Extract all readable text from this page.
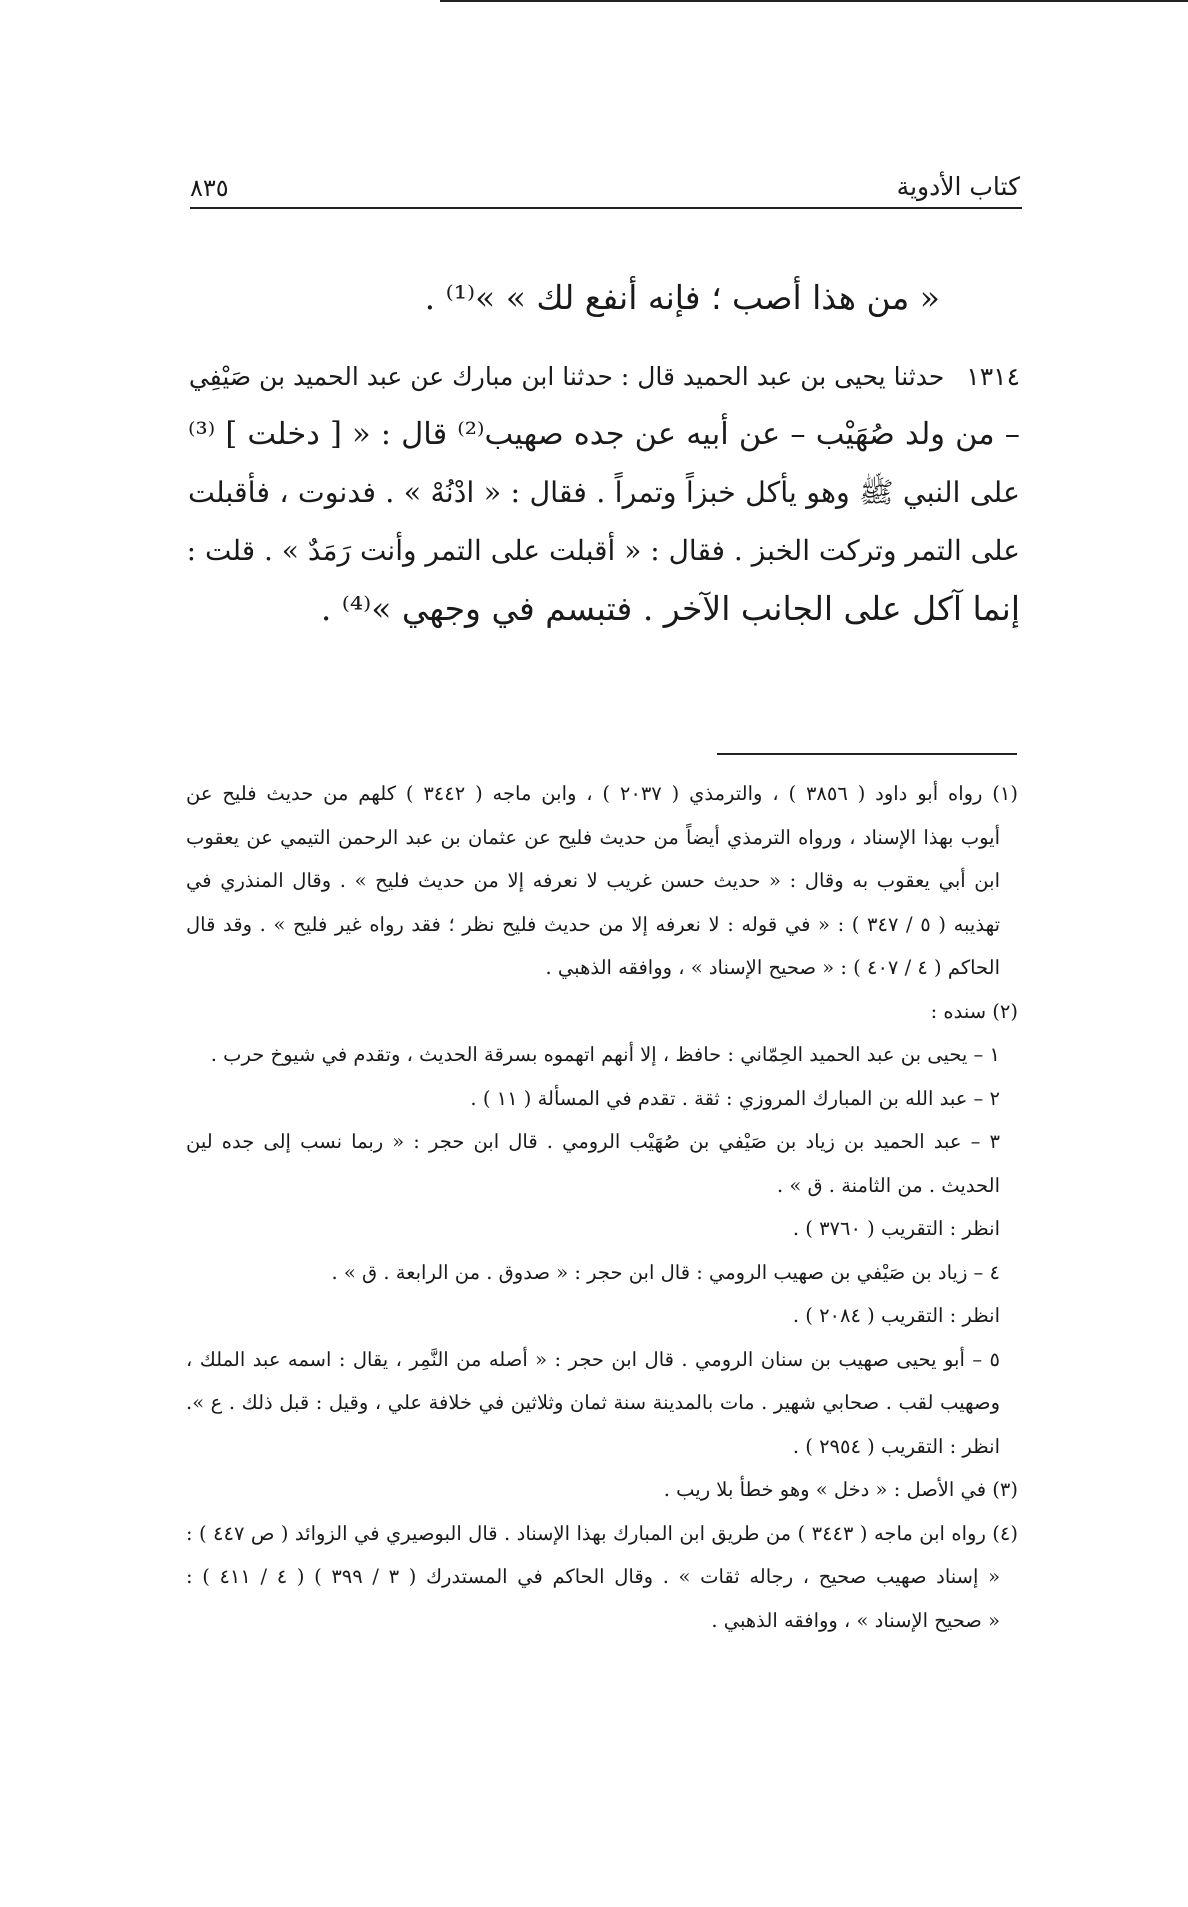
كتاب الأدوية
٨٣٥
« من هذا أصب ؛ فإنه أنفع لك » »⁽¹⁾ .
١٣١٤حدثنا يحيى بن عبد الحميد قال : حدثنا ابن مبارك عن عبد الحميد بن صَيْفِي
– من ولد صُهَيْب – عن أبيه عن جده صهيب⁽²⁾ قال : « [ دخلت ] ⁽³⁾
على النبي ﷺ وهو يأكل خبزاً وتمراً . فقال : « ادْنُهْ » . فدنوت ، فأقبلت
على التمر وتركت الخبز . فقال : « أقبلت على التمر وأنت رَمَدٌ » . قلت :
إنما آكل على الجانب الآخر . فتبسم في وجهي »⁽⁴⁾ .
(١) رواه أبو داود ( ٣٨٥٦ ) ، والترمذي ( ٢٠٣٧ ) ، وابن ماجه ( ٣٤٤٢ ) كلهم من حديث فليح عن
أيوب بهذا الإسناد ، ورواه الترمذي أيضاً من حديث فليح عن عثمان بن عبد الرحمن التيمي عن يعقوب
ابن أبي يعقوب به وقال : « حديث حسن غريب لا نعرفه إلا من حديث فليح » . وقال المنذري في
تهذيبه ( ٥ / ٣٤٧ ) : « في قوله : لا نعرفه إلا من حديث فليح نظر ؛ فقد رواه غير فليح » . وقد قال
الحاكم ( ٤ / ٤٠٧ ) : « صحيح الإسناد » ، ووافقه الذهبي .
(٢) سنده :
١ – يحيى بن عبد الحميد الحِمّاني : حافظ ، إلا أنهم اتهموه بسرقة الحديث ، وتقدم في شيوخ حرب .
٢ – عبد الله بن المبارك المروزي : ثقة . تقدم في المسألة ( ١١ ) .
٣ – عبد الحميد بن زياد بن صَيْفي بن صُهَيْب الرومي . قال ابن حجر : « ربما نسب إلى جده لين
الحديث . من الثامنة . ق » .
انظر : التقريب ( ٣٧٦٠ ) .
٤ – زياد بن صَيْفي بن صهيب الرومي : قال ابن حجر : « صدوق . من الرابعة . ق » .
انظر : التقريب ( ٢٠٨٤ ) .
٥ – أبو يحيى صهيب بن سنان الرومي . قال ابن حجر : « أصله من النَّمِر ، يقال : اسمه عبد الملك ،
وصهيب لقب . صحابي شهير . مات بالمدينة سنة ثمان وثلاثين في خلافة علي ، وقيل : قبل ذلك . ع ».
انظر : التقريب ( ٢٩٥٤ ) .
(٣) في الأصل : « دخل » وهو خطأ بلا ريب .
(٤) رواه ابن ماجه ( ٣٤٤٣ ) من طريق ابن المبارك بهذا الإسناد . قال البوصيري في الزوائد ( ص ٤٤٧ ) :
« إسناد صهيب صحيح ، رجاله ثقات » . وقال الحاكم في المستدرك ( ٣ / ٣٩٩ ) ( ٤ / ٤١١ ) :
« صحيح الإسناد » ، ووافقه الذهبي .
